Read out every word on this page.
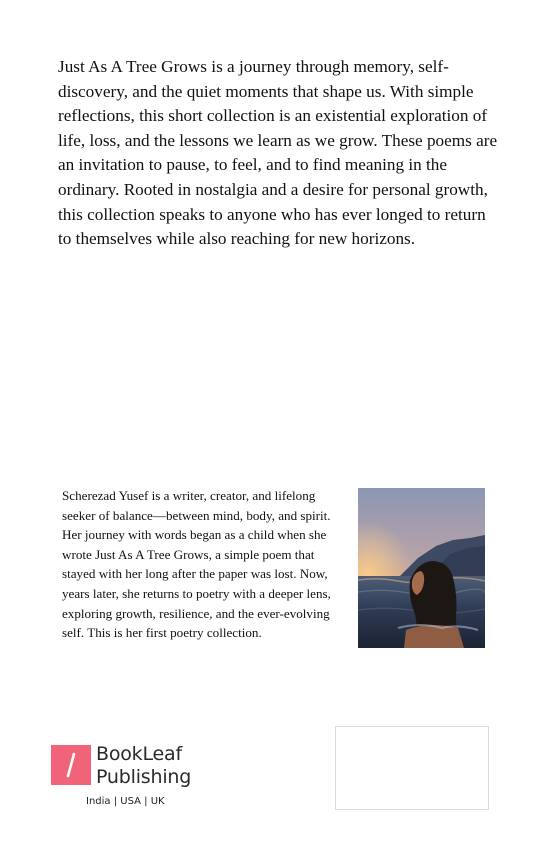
Just As A Tree Grows is a journey through memory, self-discovery, and the quiet moments that shape us. With simple reflections, this short collection is an existential exploration of life, loss, and the lessons we learn as we grow. These poems are an invitation to pause, to feel, and to find meaning in the ordinary. Rooted in nostalgia and a desire for personal growth, this collection speaks to anyone who has ever longed to return to themselves while also reaching for new horizons.

Scherezad Yusef is a writer, creator, and lifelong seeker of balance—between mind, body, and spirit. Her journey with words began as a child when she wrote Just As A Tree Grows, a simple poem that stayed with her long after the paper was lost. Now, years later, she returns to poetry with a deeper lens, exploring growth, resilience, and the ever-evolving self. This is her first poetry collection.

BookLeaf
Publishing
India | USA | UK
